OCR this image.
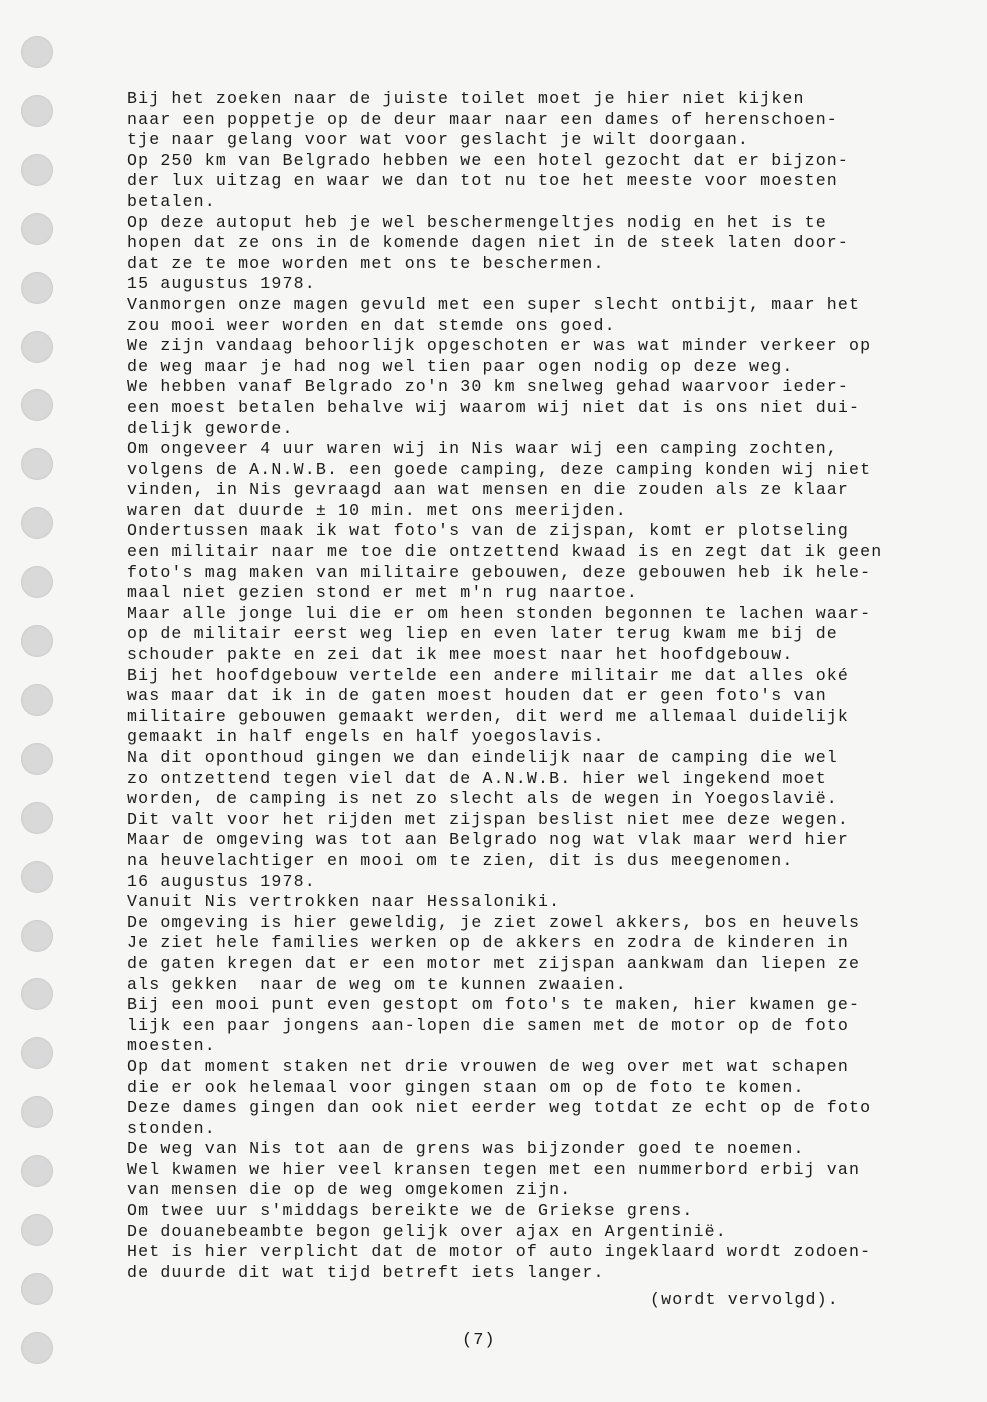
Bij het zoeken naar de juiste toilet moet je hier niet kijken
naar een poppetje op de deur maar naar een dames of herenschoen-
tje naar gelang voor wat voor geslacht je wilt doorgaan.
Op 250 km van Belgrado hebben we een hotel gezocht dat er bijzon-
der lux uitzag en waar we dan tot nu toe het meeste voor moesten
betalen.
Op deze autoput heb je wel beschermengeltjes nodig en het is te
hopen dat ze ons in de komende dagen niet in de steek laten door-
dat ze te moe worden met ons te beschermen.
15 augustus 1978.
Vanmorgen onze magen gevuld met een super slecht ontbijt, maar het
zou mooi weer worden en dat stemde ons goed.
We zijn vandaag behoorlijk opgeschoten er was wat minder verkeer op
de weg maar je had nog wel tien paar ogen nodig op deze weg.
We hebben vanaf Belgrado zo'n 30 km snelweg gehad waarvoor ieder-
een moest betalen behalve wij waarom wij niet dat is ons niet dui-
delijk geworde.
Om ongeveer 4 uur waren wij in Nis waar wij een camping zochten,
volgens de A.N.W.B. een goede camping, deze camping konden wij niet
vinden, in Nis gevraagd aan wat mensen en die zouden als ze klaar
waren dat duurde ± 10 min. met ons meerijden.
Ondertussen maak ik wat foto's van de zijspan, komt er plotseling
een militair naar me toe die ontzettend kwaad is en zegt dat ik geen
foto's mag maken van militaire gebouwen, deze gebouwen heb ik hele-
maal niet gezien stond er met m'n rug naartoe.
Maar alle jonge lui die er om heen stonden begonnen te lachen waar-
op de militair eerst weg liep en even later terug kwam me bij de
schouder pakte en zei dat ik mee moest naar het hoofdgebouw.
Bij het hoofdgebouw vertelde een andere militair me dat alles oké
was maar dat ik in de gaten moest houden dat er geen foto's van
militaire gebouwen gemaakt werden, dit werd me allemaal duidelijk
gemaakt in half engels en half yoegoslavis.
Na dit oponthoud gingen we dan eindelijk naar de camping die wel
zo ontzettend tegen viel dat de A.N.W.B. hier wel ingekend moet
worden, de camping is net zo slecht als de wegen in Yoegoslavië.
Dit valt voor het rijden met zijspan beslist niet mee deze wegen.
Maar de omgeving was tot aan Belgrado nog wat vlak maar werd hier
na heuvelachtiger en mooi om te zien, dit is dus meegenomen.
16 augustus 1978.
Vanuit Nis vertrokken naar Hessaloniki.
De omgeving is hier geweldig, je ziet zowel akkers, bos en heuvels
Je ziet hele families werken op de akkers en zodra de kinderen in
de gaten kregen dat er een motor met zijspan aankwam dan liepen ze
als gekken  naar de weg om te kunnen zwaaien.
Bij een mooi punt even gestopt om foto's te maken, hier kwamen ge-
lijk een paar jongens aan-lopen die samen met de motor op de foto
moesten.
Op dat moment staken net drie vrouwen de weg over met wat schapen
die er ook helemaal voor gingen staan om op de foto te komen.
Deze dames gingen dan ook niet eerder weg totdat ze echt op de foto
stonden.
De weg van Nis tot aan de grens was bijzonder goed te noemen.
Wel kwamen we hier veel kransen tegen met een nummerbord erbij van
van mensen die op de weg omgekomen zijn.
Om twee uur s'middags bereikte we de Griekse grens.
De douanebeambte begon gelijk over ajax en Argentinië.
Het is hier verplicht dat de motor of auto ingeklaard wordt zodoen-
de duurde dit wat tijd betreft iets langer.
(wordt vervolgd).
(7)
